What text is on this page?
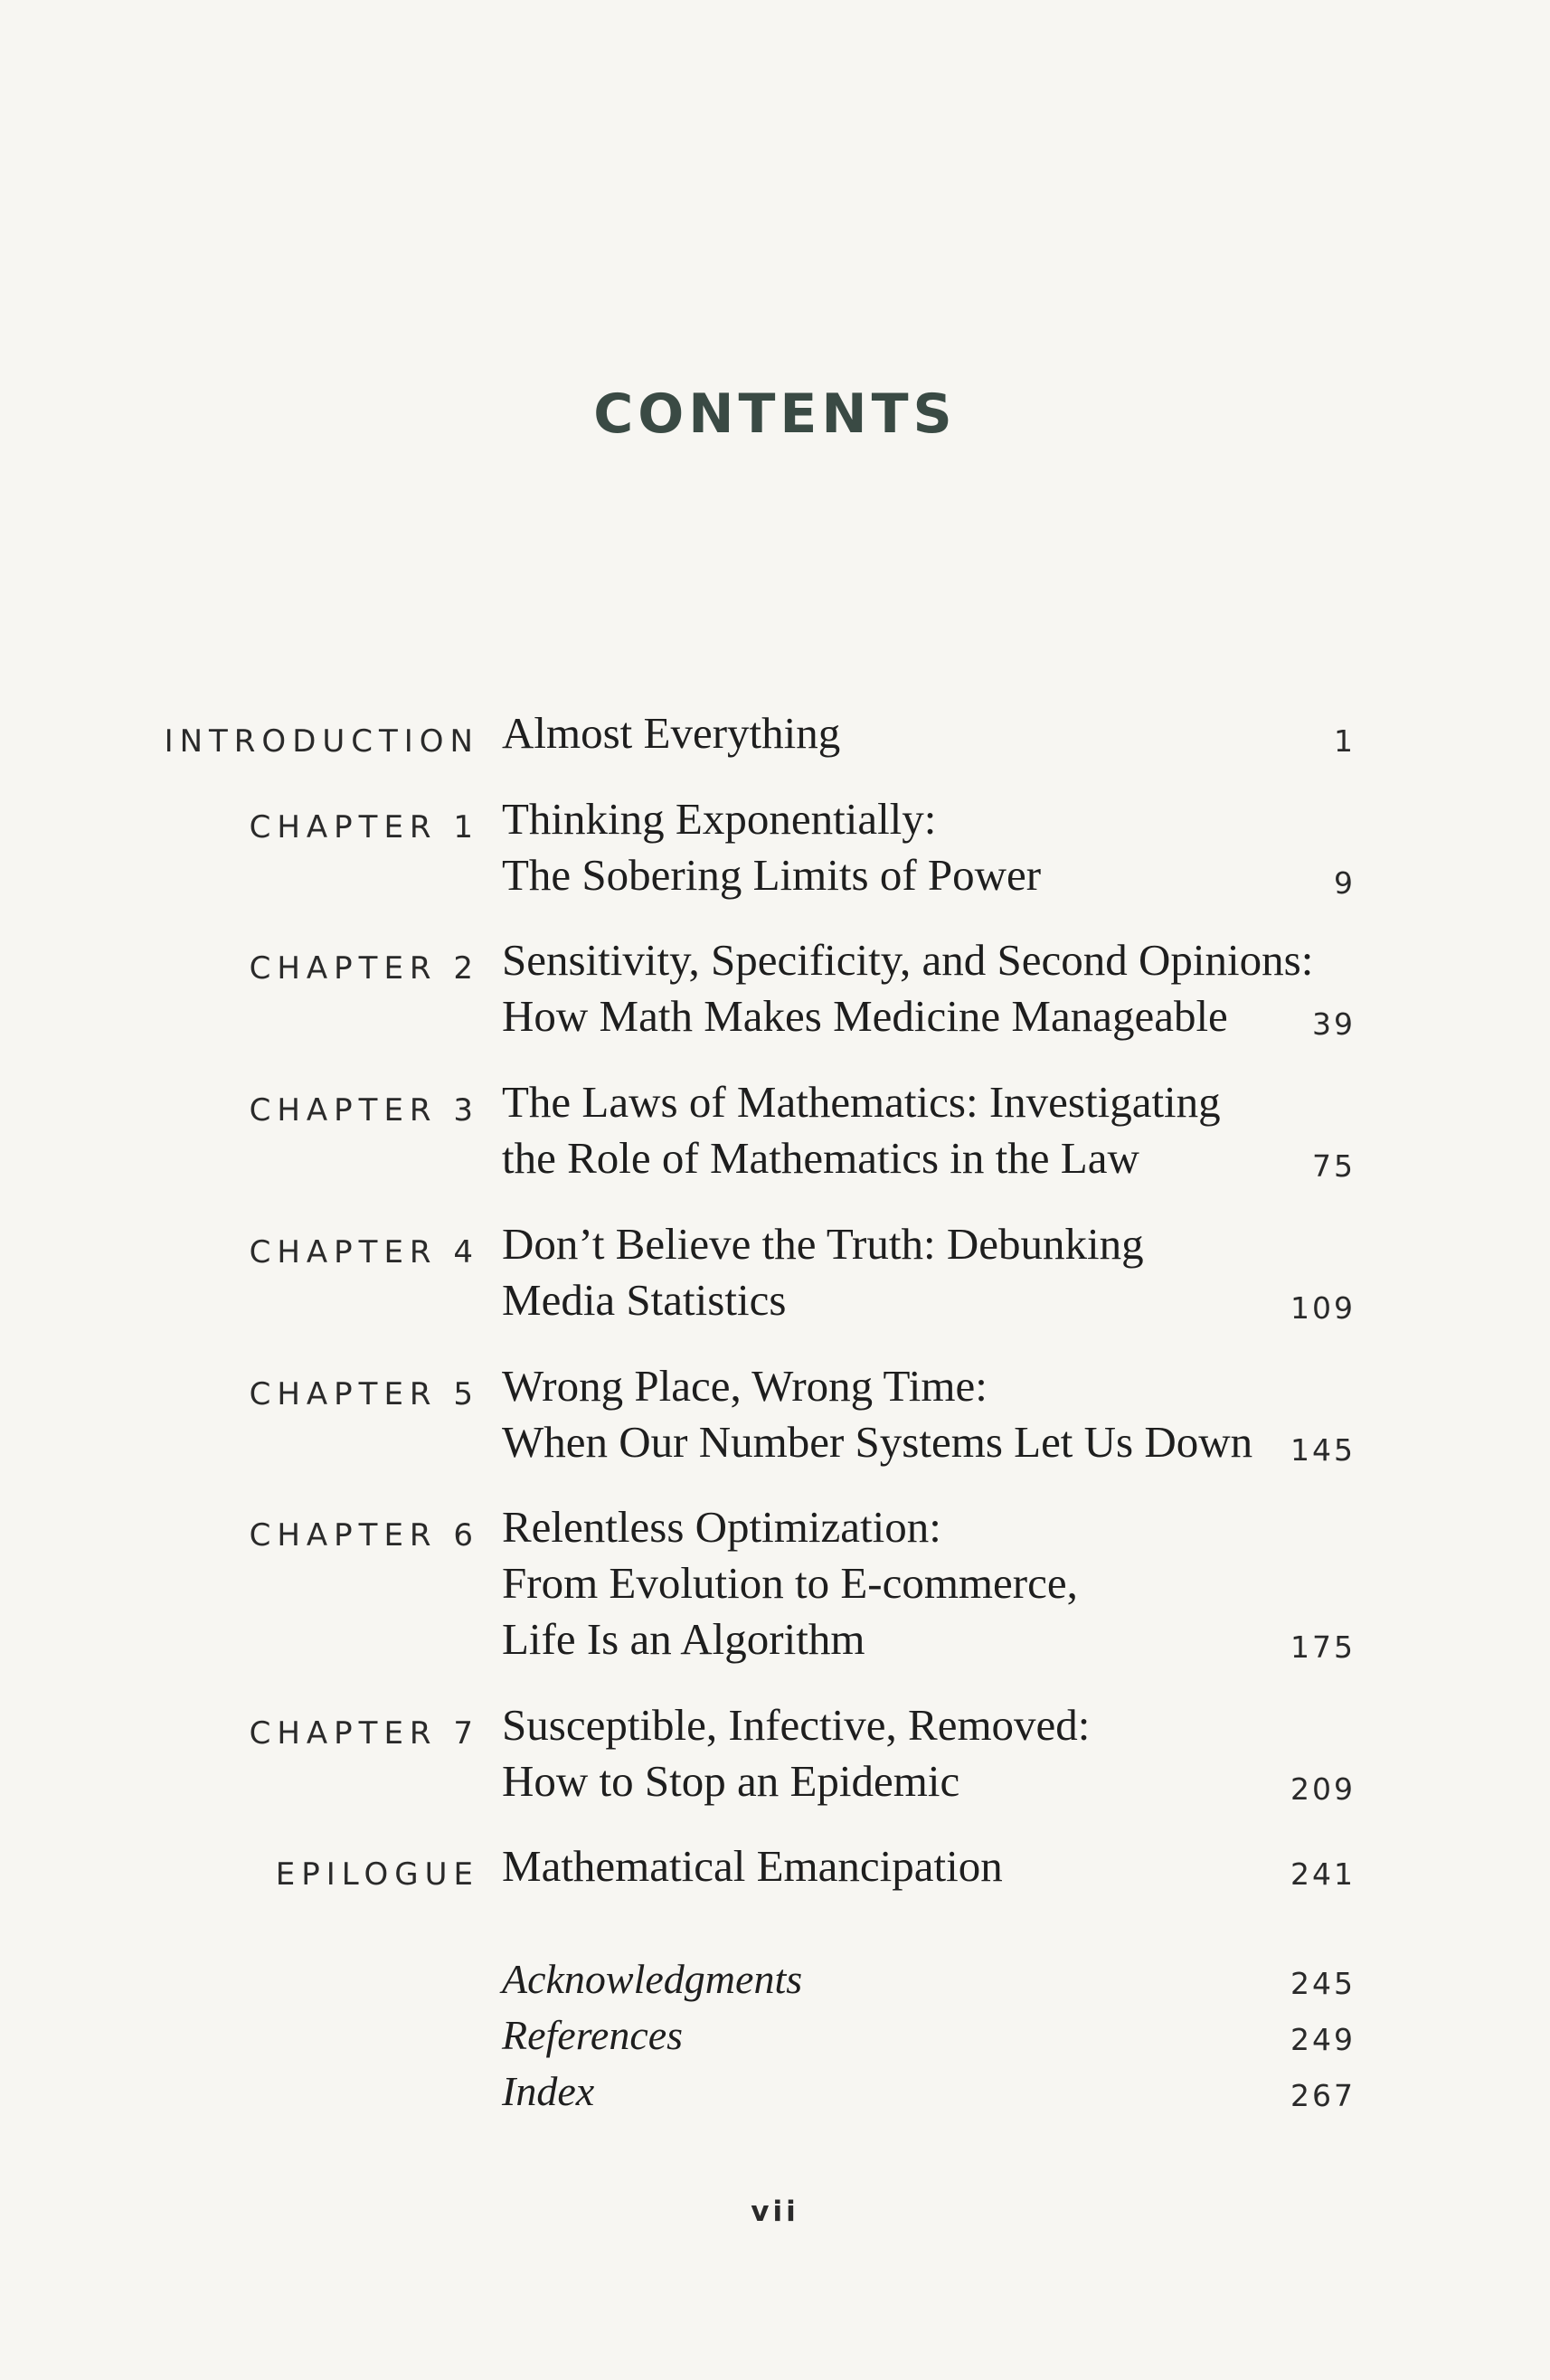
CONTENTS
INTRODUCTION Almost Everything	1
CHAPTER 1 Thinking Exponentially:
The Sobering Limits of Power	9
CHAPTER 2 Sensitivity, Specificity, and Second Opinions:
How Math Makes Medicine Manageable	39
CHAPTER 3 The Laws of Mathematics: Investigating
the Role of Mathematics in the Law	75
CHAPTER 4 Don’t Believe the Truth: Debunking
Media Statistics	109
CHAPTER 5 Wrong Place, Wrong Time:
When Our Number Systems Let Us Down	145
CHAPTER 6 Relentless Optimization:
From Evolution to E-commerce,
Life Is an Algorithm	175
CHAPTER 7 Susceptible, Infective, Removed:
How to Stop an Epidemic	209
EPILOGUE Mathematical Emancipation	241
Acknowledgments	245
References	249
Index	267
vii
